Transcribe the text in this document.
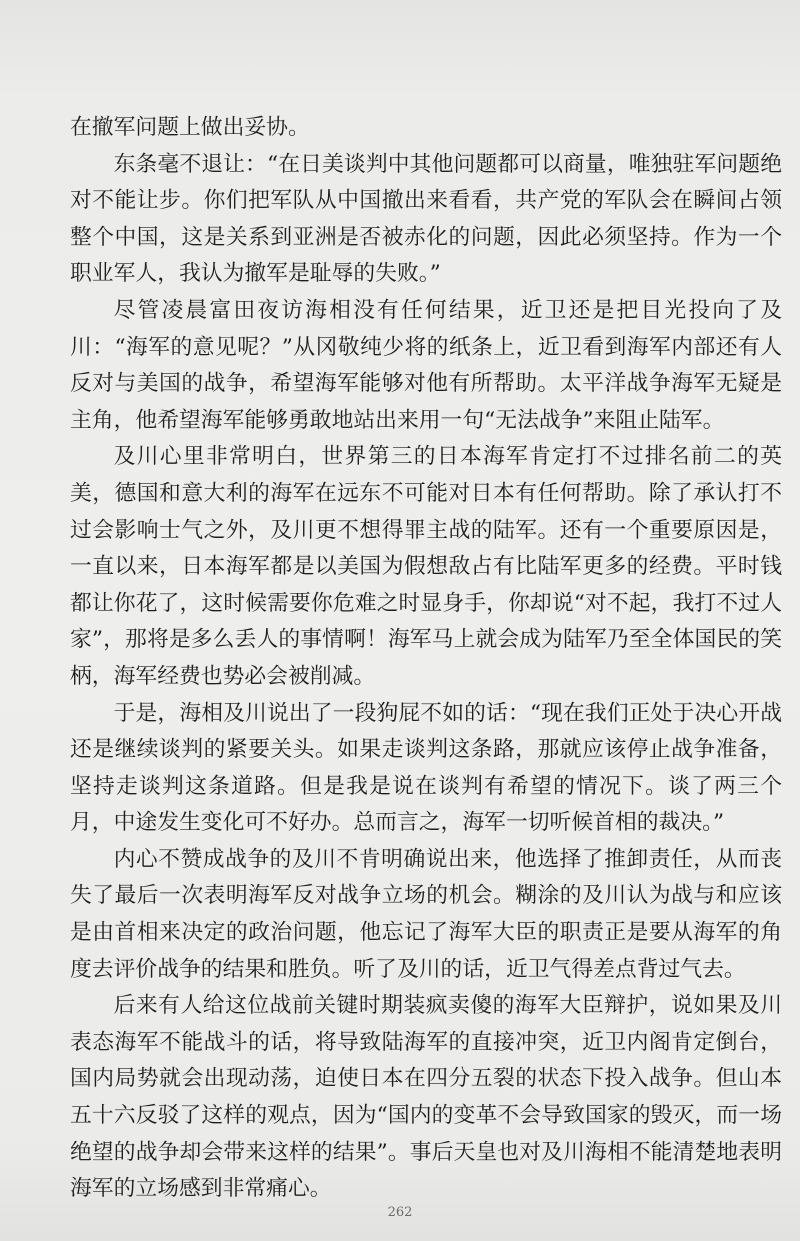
在撤军问题上做出妥协。

东条毫不退让：“在日美谈判中其他问题都可以商量，唯独驻军问题绝对不能让步。你们把军队从中国撤出来看看，共产党的军队会在瞬间占领整个中国，这是关系到亚洲是否被赤化的问题，因此必须坚持。作为一个职业军人，我认为撤军是耻辱的失败。”

尽管凌晨富田夜访海相没有任何结果，近卫还是把目光投向了及川：“海军的意见呢？”从冈敬纯少将的纸条上，近卫看到海军内部还有人反对与美国的战争，希望海军能够对他有所帮助。太平洋战争海军无疑是主角，他希望海军能够勇敢地站出来用一句“无法战争”来阻止陆军。

及川心里非常明白，世界第三的日本海军肯定打不过排名前二的英美，德国和意大利的海军在远东不可能对日本有任何帮助。除了承认打不过会影响士气之外，及川更不想得罪主战的陆军。还有一个重要原因是，一直以来，日本海军都是以美国为假想敌占有比陆军更多的经费。平时钱都让你花了，这时候需要你危难之时显身手，你却说“对不起，我打不过人家”，那将是多么丢人的事情啊！海军马上就会成为陆军乃至全体国民的笑柄，海军经费也势必会被削减。

于是，海相及川说出了一段狗屁不如的话：“现在我们正处于决心开战还是继续谈判的紧要关头。如果走谈判这条路，那就应该停止战争准备，坚持走谈判这条道路。但是我是说在谈判有希望的情况下。谈了两三个月，中途发生变化可不好办。总而言之，海军一切听候首相的裁决。”

内心不赞成战争的及川不肯明确说出来，他选择了推卸责任，从而丧失了最后一次表明海军反对战争立场的机会。糊涂的及川认为战与和应该是由首相来决定的政治问题，他忘记了海军大臣的职责正是要从海军的角度去评价战争的结果和胜负。听了及川的话，近卫气得差点背过气去。

后来有人给这位战前关键时期装疯卖傻的海军大臣辩护，说如果及川表态海军不能战斗的话，将导致陆海军的直接冲突，近卫内阁肯定倒台，国内局势就会出现动荡，迫使日本在四分五裂的状态下投入战争。但山本五十六反驳了这样的观点，因为“国内的变革不会导致国家的毁灭，而一场绝望的战争却会带来这样的结果”。事后天皇也对及川海相不能清楚地表明海军的立场感到非常痛心。

262
